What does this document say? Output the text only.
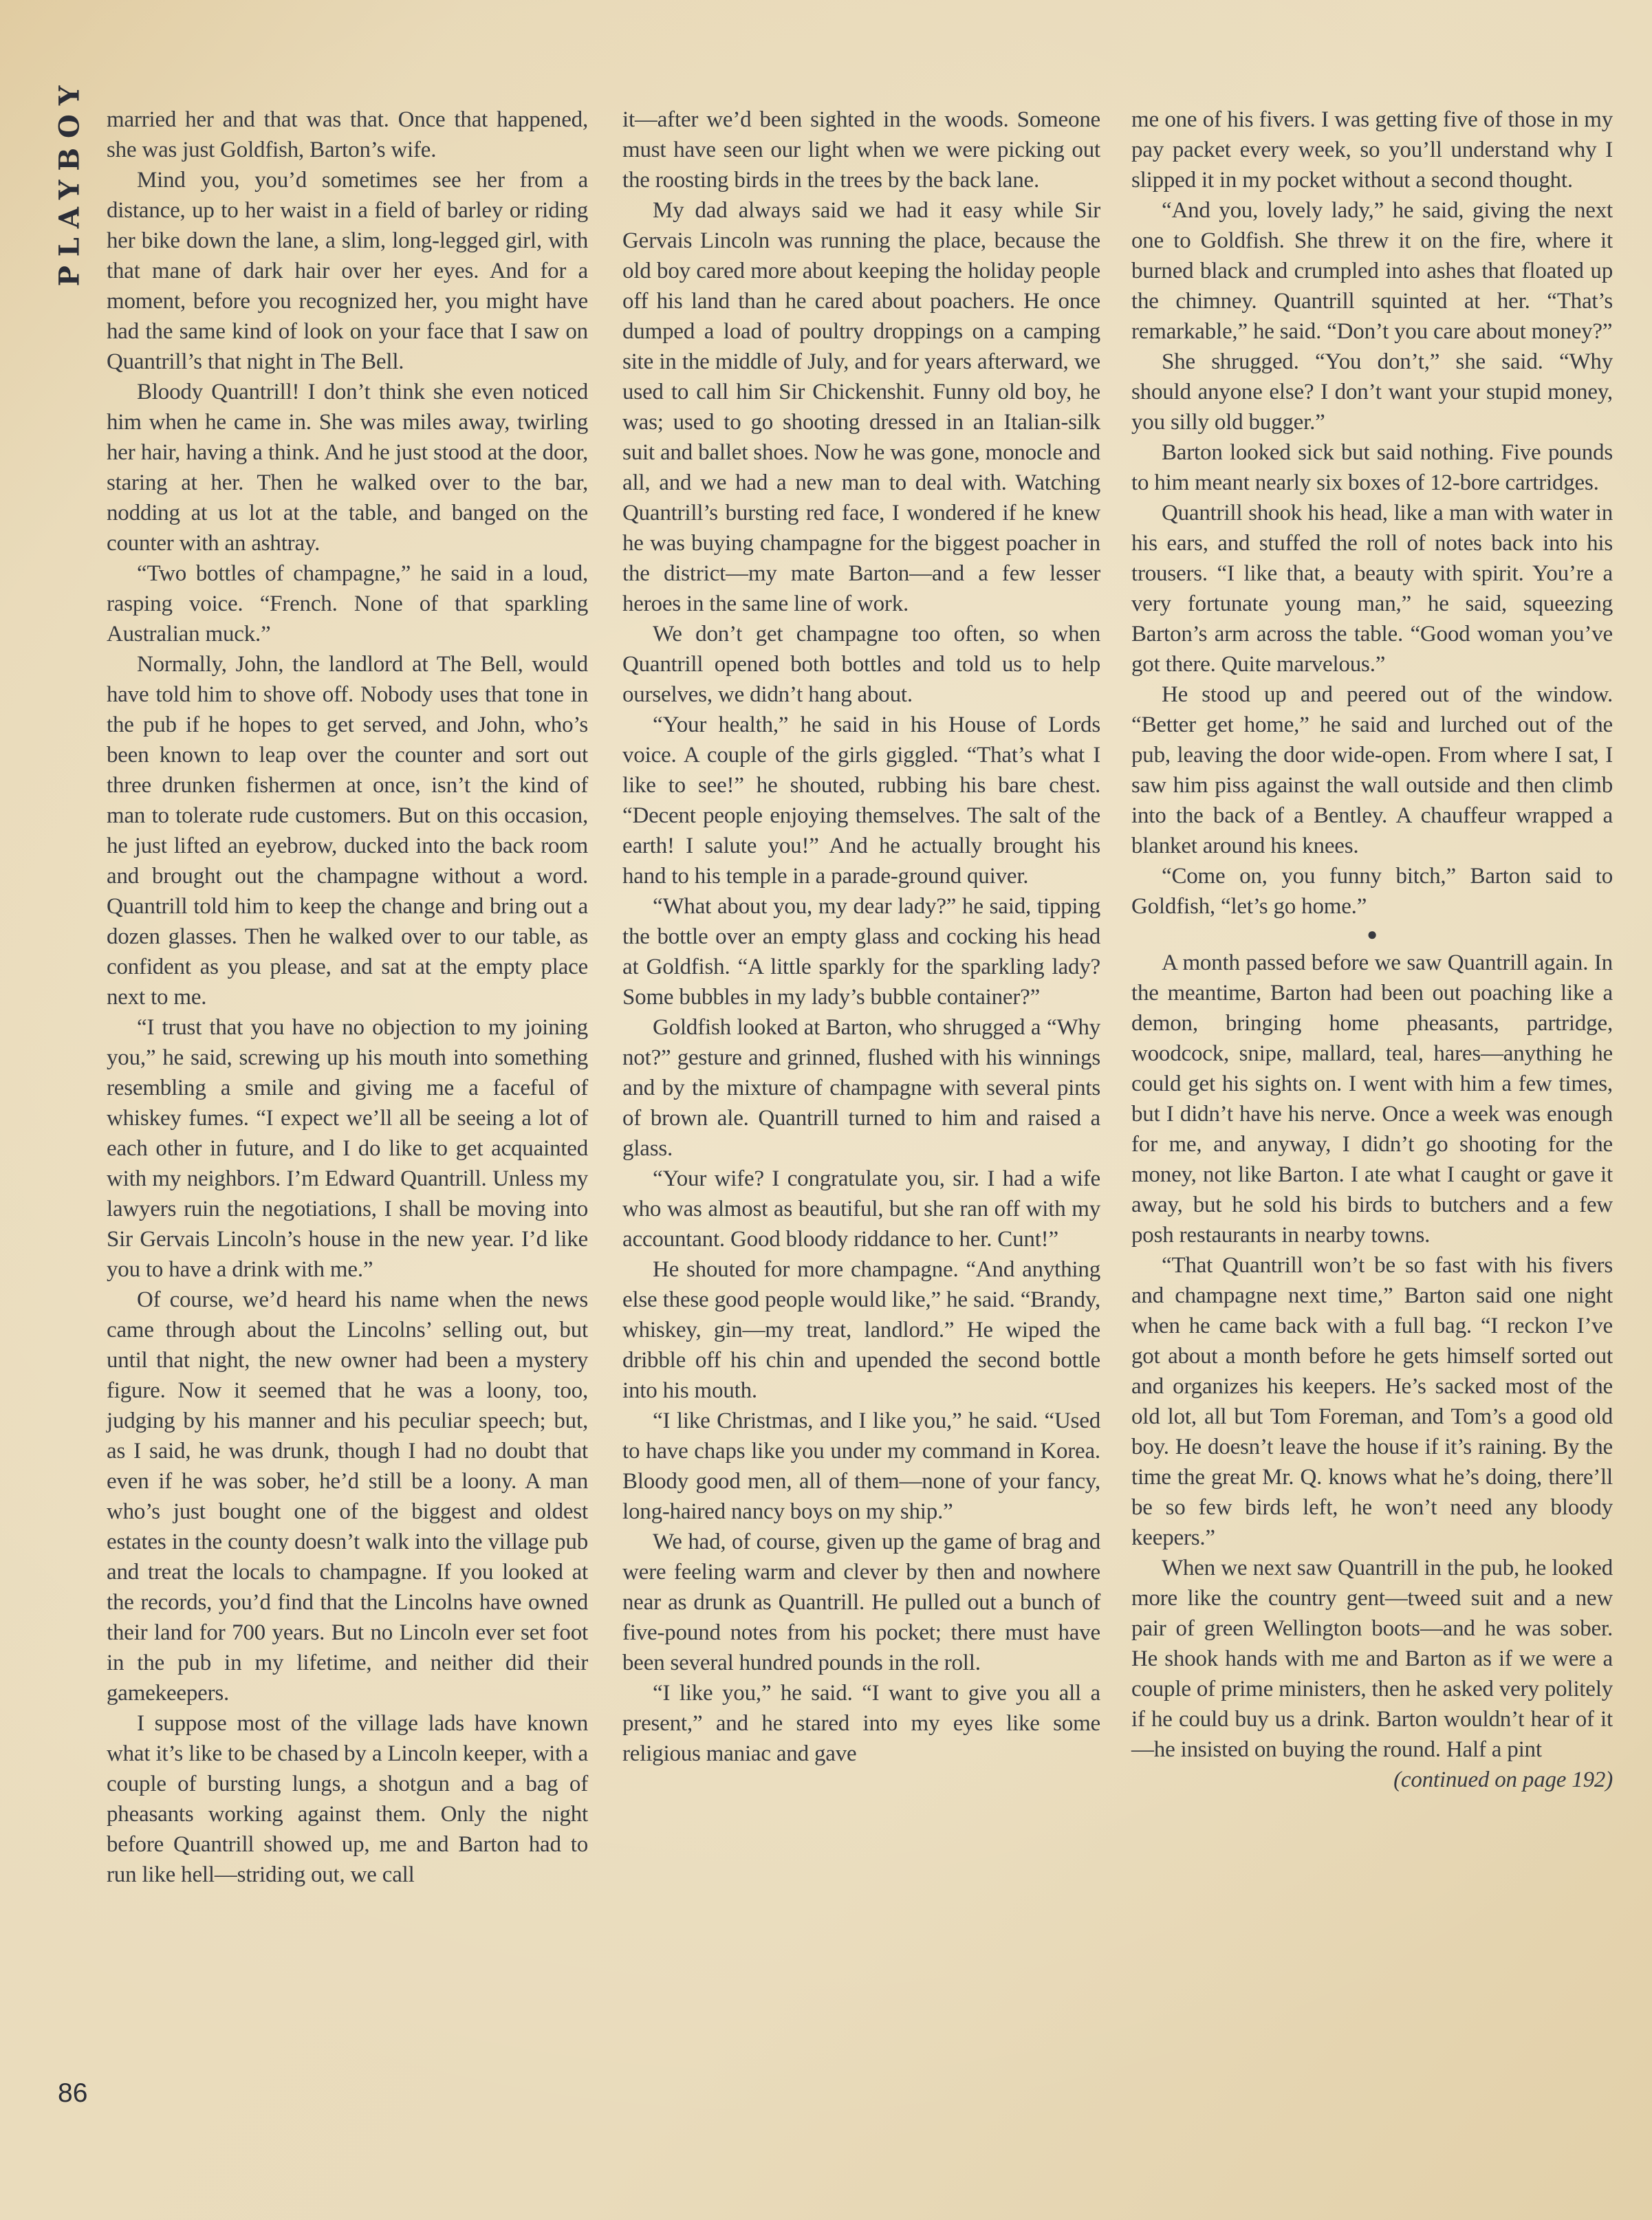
PLAYBOY married her and that was that. Once that happened, she was just Goldfish, Barton’s wife.

Mind you, you’d sometimes see her from a distance, up to her waist in a field of barley or riding her bike down the lane, a slim, long-legged girl, with that mane of dark hair over her eyes. And for a moment, before you recognized her, you might have had the same kind of look on your face that I saw on Quantrill’s that night in The Bell.

Bloody Quantrill! I don’t think she even noticed him when he came in. She was miles away, twirling her hair, having a think. And he just stood at the door, staring at her. Then he walked over to the bar, nodding at us lot at the table, and banged on the counter with an ashtray.

“Two bottles of champagne,” he said in a loud, rasping voice. “French. None of that sparkling Australian muck.”

Normally, John, the landlord at The Bell, would have told him to shove off. Nobody uses that tone in the pub if he hopes to get served, and John, who’s been known to leap over the counter and sort out three drunken fishermen at once, isn’t the kind of man to tolerate rude customers. But on this occasion, he just lifted an eyebrow, ducked into the back room and brought out the champagne without a word. Quantrill told him to keep the change and bring out a dozen glasses. Then he walked over to our table, as confident as you please, and sat at the empty place next to me.

“I trust that you have no objection to my joining you,” he said, screwing up his mouth into something resembling a smile and giving me a faceful of whiskey fumes. “I expect we’ll all be seeing a lot of each other in future, and I do like to get acquainted with my neighbors. I’m Edward Quantrill. Unless my lawyers ruin the negotiations, I shall be moving into Sir Gervais Lincoln’s house in the new year. I’d like you to have a drink with me.”

Of course, we’d heard his name when the news came through about the Lincolns’ selling out, but until that night, the new owner had been a mystery figure. Now it seemed that he was a loony, too, judging by his manner and his peculiar speech; but, as I said, he was drunk, though I had no doubt that even if he was sober, he’d still be a loony. A man who’s just bought one of the biggest and oldest estates in the county doesn’t walk into the village pub and treat the locals to champagne. If you looked at the records, you’d find that the Lincolns have owned their land for 700 years. But no Lincoln ever set foot in the pub in my lifetime, and neither did their gamekeepers.

I suppose most of the village lads have known what it’s like to be chased by a Lincoln keeper, with a couple of bursting lungs, a shotgun and a bag of pheasants working against them. Only the night before Quantrill showed up, me and Barton had to run like hell—striding out, we call

it—after we’d been sighted in the woods. Someone must have seen our light when we were picking out the roosting birds in the trees by the back lane.

My dad always said we had it easy while Sir Gervais Lincoln was running the place, because the old boy cared more about keeping the holiday people off his land than he cared about poachers. He once dumped a load of poultry droppings on a camping site in the middle of July, and for years afterward, we used to call him Sir Chickenshit. Funny old boy, he was; used to go shooting dressed in an Italian-silk suit and ballet shoes. Now he was gone, monocle and all, and we had a new man to deal with. Watching Quantrill’s bursting red face, I wondered if he knew he was buying champagne for the biggest poacher in the district—my mate Barton—and a few lesser heroes in the same line of work.

We don’t get champagne too often, so when Quantrill opened both bottles and told us to help ourselves, we didn’t hang about.

“Your health,” he said in his House of Lords voice. A couple of the girls giggled. “That’s what I like to see!” he shouted, rubbing his bare chest. “Decent people enjoying themselves. The salt of the earth! I salute you!” And he actually brought his hand to his temple in a parade-ground quiver.

“What about you, my dear lady?” he said, tipping the bottle over an empty glass and cocking his head at Goldfish. “A little sparkly for the sparkling lady? Some bubbles in my lady’s bubble container?”

Goldfish looked at Barton, who shrugged a “Why not?” gesture and grinned, flushed with his winnings and by the mixture of champagne with several pints of brown ale. Quantrill turned to him and raised a glass.

“Your wife? I congratulate you, sir. I had a wife who was almost as beautiful, but she ran off with my accountant. Good bloody riddance to her. Cunt!”

He shouted for more champagne. “And anything else these good people would like,” he said. “Brandy, whiskey, gin—my treat, landlord.” He wiped the dribble off his chin and upended the second bottle into his mouth.

“I like Christmas, and I like you,” he said. “Used to have chaps like you under my command in Korea. Bloody good men, all of them—none of your fancy, long-haired nancy boys on my ship.”

We had, of course, given up the game of brag and were feeling warm and clever by then and nowhere near as drunk as Quantrill. He pulled out a bunch of five-pound notes from his pocket; there must have been several hundred pounds in the roll.

“I like you,” he said. “I want to give you all a present,” and he stared into my eyes like some religious maniac and gave

me one of his fivers. I was getting five of those in my pay packet every week, so you’ll understand why I slipped it in my pocket without a second thought.

“And you, lovely lady,” he said, giving the next one to Goldfish. She threw it on the fire, where it burned black and crumpled into ashes that floated up the chimney. Quantrill squinted at her. “That’s remarkable,” he said. “Don’t you care about money?”

She shrugged. “You don’t,” she said. “Why should anyone else? I don’t want your stupid money, you silly old bugger.”

Barton looked sick but said nothing. Five pounds to him meant nearly six boxes of 12-bore cartridges.

Quantrill shook his head, like a man with water in his ears, and stuffed the roll of notes back into his trousers. “I like that, a beauty with spirit. You’re a very fortunate young man,” he said, squeezing Barton’s arm across the table. “Good woman you’ve got there. Quite marvelous.”

He stood up and peered out of the window. “Better get home,” he said and lurched out of the pub, leaving the door wide-open. From where I sat, I saw him piss against the wall outside and then climb into the back of a Bentley. A chauffeur wrapped a blanket around his knees.

“Come on, you funny bitch,” Barton said to Goldfish, “let’s go home.”

●

A month passed before we saw Quantrill again. In the meantime, Barton had been out poaching like a demon, bringing home pheasants, partridge, woodcock, snipe, mallard, teal, hares—anything he could get his sights on. I went with him a few times, but I didn’t have his nerve. Once a week was enough for me, and anyway, I didn’t go shooting for the money, not like Barton. I ate what I caught or gave it away, but he sold his birds to butchers and a few posh restaurants in nearby towns.

“That Quantrill won’t be so fast with his fivers and champagne next time,” Barton said one night when he came back with a full bag. “I reckon I’ve got about a month before he gets himself sorted out and organizes his keepers. He’s sacked most of the old lot, all but Tom Foreman, and Tom’s a good old boy. He doesn’t leave the house if it’s raining. By the time the great Mr. Q. knows what he’s doing, there’ll be so few birds left, he won’t need any bloody keepers.”

When we next saw Quantrill in the pub, he looked more like the country gent—tweed suit and a new pair of green Wellington boots—and he was sober. He shook hands with me and Barton as if we were a couple of prime ministers, then he asked very politely if he could buy us a drink. Barton wouldn’t hear of it—he insisted on buying the round. Half a pint

(continued on page 192)

86
